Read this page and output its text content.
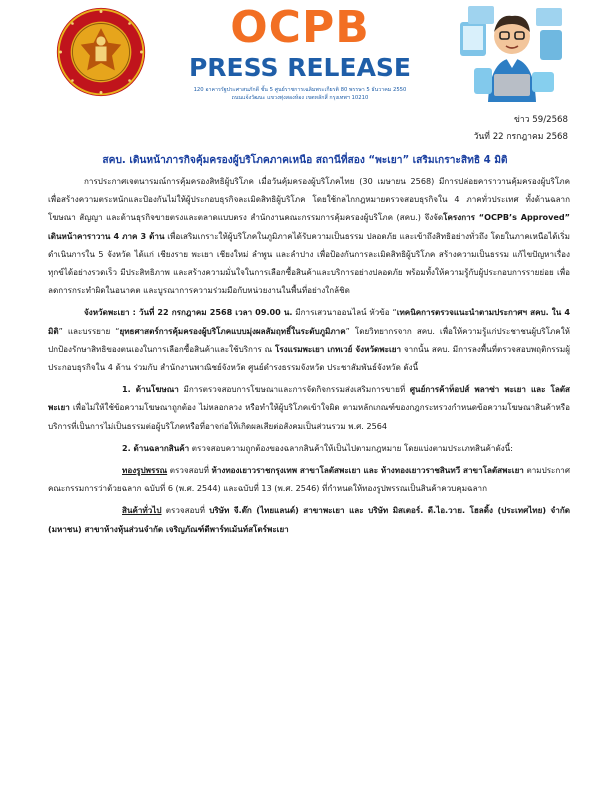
OCPB
PRESS RELEASE
120 อาคารรัฐประศาสนภักดี ชั้น 5 ศูนย์ราชการเฉลิมพระเกียรติ 80 พรรษา 5 ธันวาคม 2550
ถนนแจ้งวัฒนะ แขวงทุ่งสองห้อง เขตหลักสี่ กรุงเทพฯ 10210
ข่าว 59/2568
วันที่ 22 กรกฎาคม 2568
สคบ. เดินหน้าภารกิจคุ้มครองผู้บริโภคภาคเหนือ สถานีที่สอง “พะเยา” เสริมเกราะสิทธิ 4 มิติ

การประกาศเจตนารมณ์การคุ้มครองสิทธิผู้บริโภค เมื่อวันคุ้มครองผู้บริโภคไทย (30 เมษายน 2568) มีการปล่อยคาราวานคุ้มครองผู้บริโภค เพื่อสร้างความตระหนักและป้องกันไม่ให้ผู้ประกอบธุรกิจละเมิดสิทธิผู้บริโภค โดยใช้กลไกกฎหมายตรวจสอบธุรกิจใน 4 ภาคทั่วประเทศ ทั้งด้านฉลาก โฆษณา สัญญา และด้านธุรกิจขายตรงและตลาดแบบตรง สำนักงานคณะกรรมการคุ้มครองผู้บริโภค (สคบ.) จึงจัดโครงการ “OCPB’s Approved” เดินหน้าคาราวาน 4 ภาค 3 ด้าน เพื่อเสริมเกราะให้ผู้บริโภคในภูมิภาคได้รับความเป็นธรรม ปลอดภัย และเข้าถึงสิทธิอย่างทั่วถึง โดยในภาคเหนือได้เริ่มดำเนินการใน 5 จังหวัด ได้แก่ เชียงราย พะเยา เชียงใหม่ ลำพูน และลำปาง เพื่อป้องกันการละเมิดสิทธิผู้บริโภค สร้างความเป็นธรรม แก้ไขปัญหาเรื่องทุกข์ได้อย่างรวดเร็ว มีประสิทธิภาพ และสร้างความมั่นใจในการเลือกซื้อสินค้าและบริการอย่างปลอดภัย พร้อมทั้งให้ความรู้กับผู้ประกอบการรายย่อย เพื่อลดการกระทำผิดในอนาคต และบูรณาการความร่วมมือกับหน่วยงานในพื้นที่อย่างใกล้ชิด

จังหวัดพะเยา : วันที่ 22 กรกฎาคม 2568 เวลา 09.00 น. มีการเสวนาออนไลน์ หัวข้อ “เทคนิคการตรวจแนะนำตามประกาศฯ สคบ. ใน 4 มิติ” และบรรยาย “ยุทธศาสตร์การคุ้มครองผู้บริโภคแบบมุ่งผลสัมฤทธิ์ในระดับภูมิภาค” โดยวิทยากรจาก สคบ. เพื่อให้ความรู้แก่ประชาชนผู้บริโภคให้ปกป้องรักษาสิทธิของตนเองในการเลือกซื้อสินค้าและใช้บริการ ณ โรงแรมพะเยา เกทเวย์ จังหวัดพะเยา จากนั้น สคบ. มีการลงพื้นที่ตรวจสอบพฤติกรรมผู้ประกอบธุรกิจใน 4 ด้าน ร่วมกับ สำนักงานพาณิชย์จังหวัด ศูนย์ดำรงธรรมจังหวัด ประชาสัมพันธ์จังหวัด ดังนี้

1. ด้านโฆษณา มีการตรวจสอบการโฆษณาและการจัดกิจกรรมส่งเสริมการขายที่ ศูนย์การค้าท็อปส์ พลาซ่า พะเยา และ โลตัสพะเยา เพื่อไม่ให้ใช้ข้อความโฆษณาถูกต้อง ไม่หลอกลวง หรือทำให้ผู้บริโภคเข้าใจผิด ตามหลักเกณฑ์ของกฎกระทรวงกำหนดข้อความโฆษณาสินค้าหรือบริการที่เป็นการไม่เป็นธรรมต่อผู้บริโภคหรือที่อาจก่อให้เกิดผลเสียต่อสังคมเป็นส่วนรวม พ.ศ. 2564

2. ด้านฉลากสินค้า ตรวจสอบความถูกต้องของฉลากสินค้าให้เป็นไปตามกฎหมาย โดยแบ่งตามประเภทสินค้าดังนี้:

ทองรูปพรรณ ตรวจสอบที่ ห้างทองเยาวราชกรุงเทพ สาขาโลตัสพะเยา และ ห้างทองเยาวราชสินทวี สาขาโลตัสพะเยา ตามประกาศคณะกรรมการว่าด้วยฉลาก ฉบับที่ 6 (พ.ศ. 2544) และฉบับที่ 13 (พ.ศ. 2546) ที่กำหนดให้ทองรูปพรรณเป็นสินค้าควบคุมฉลาก

สินค้าทั่วไป ตรวจสอบที่ บริษัท จี.ต๊ก (ไทยแลนด์) สาขาพะเยา และ บริษัท มิสเตอร์. ดี.ไอ.วาย. โฮลดิ้ง (ประเทศไทย) จำกัด (มหาชน) สาขาห้างหุ้นส่วนจำกัด เจริญภัณฑ์ดีพาร์ทเม้นท์สโตร์พะเยา
